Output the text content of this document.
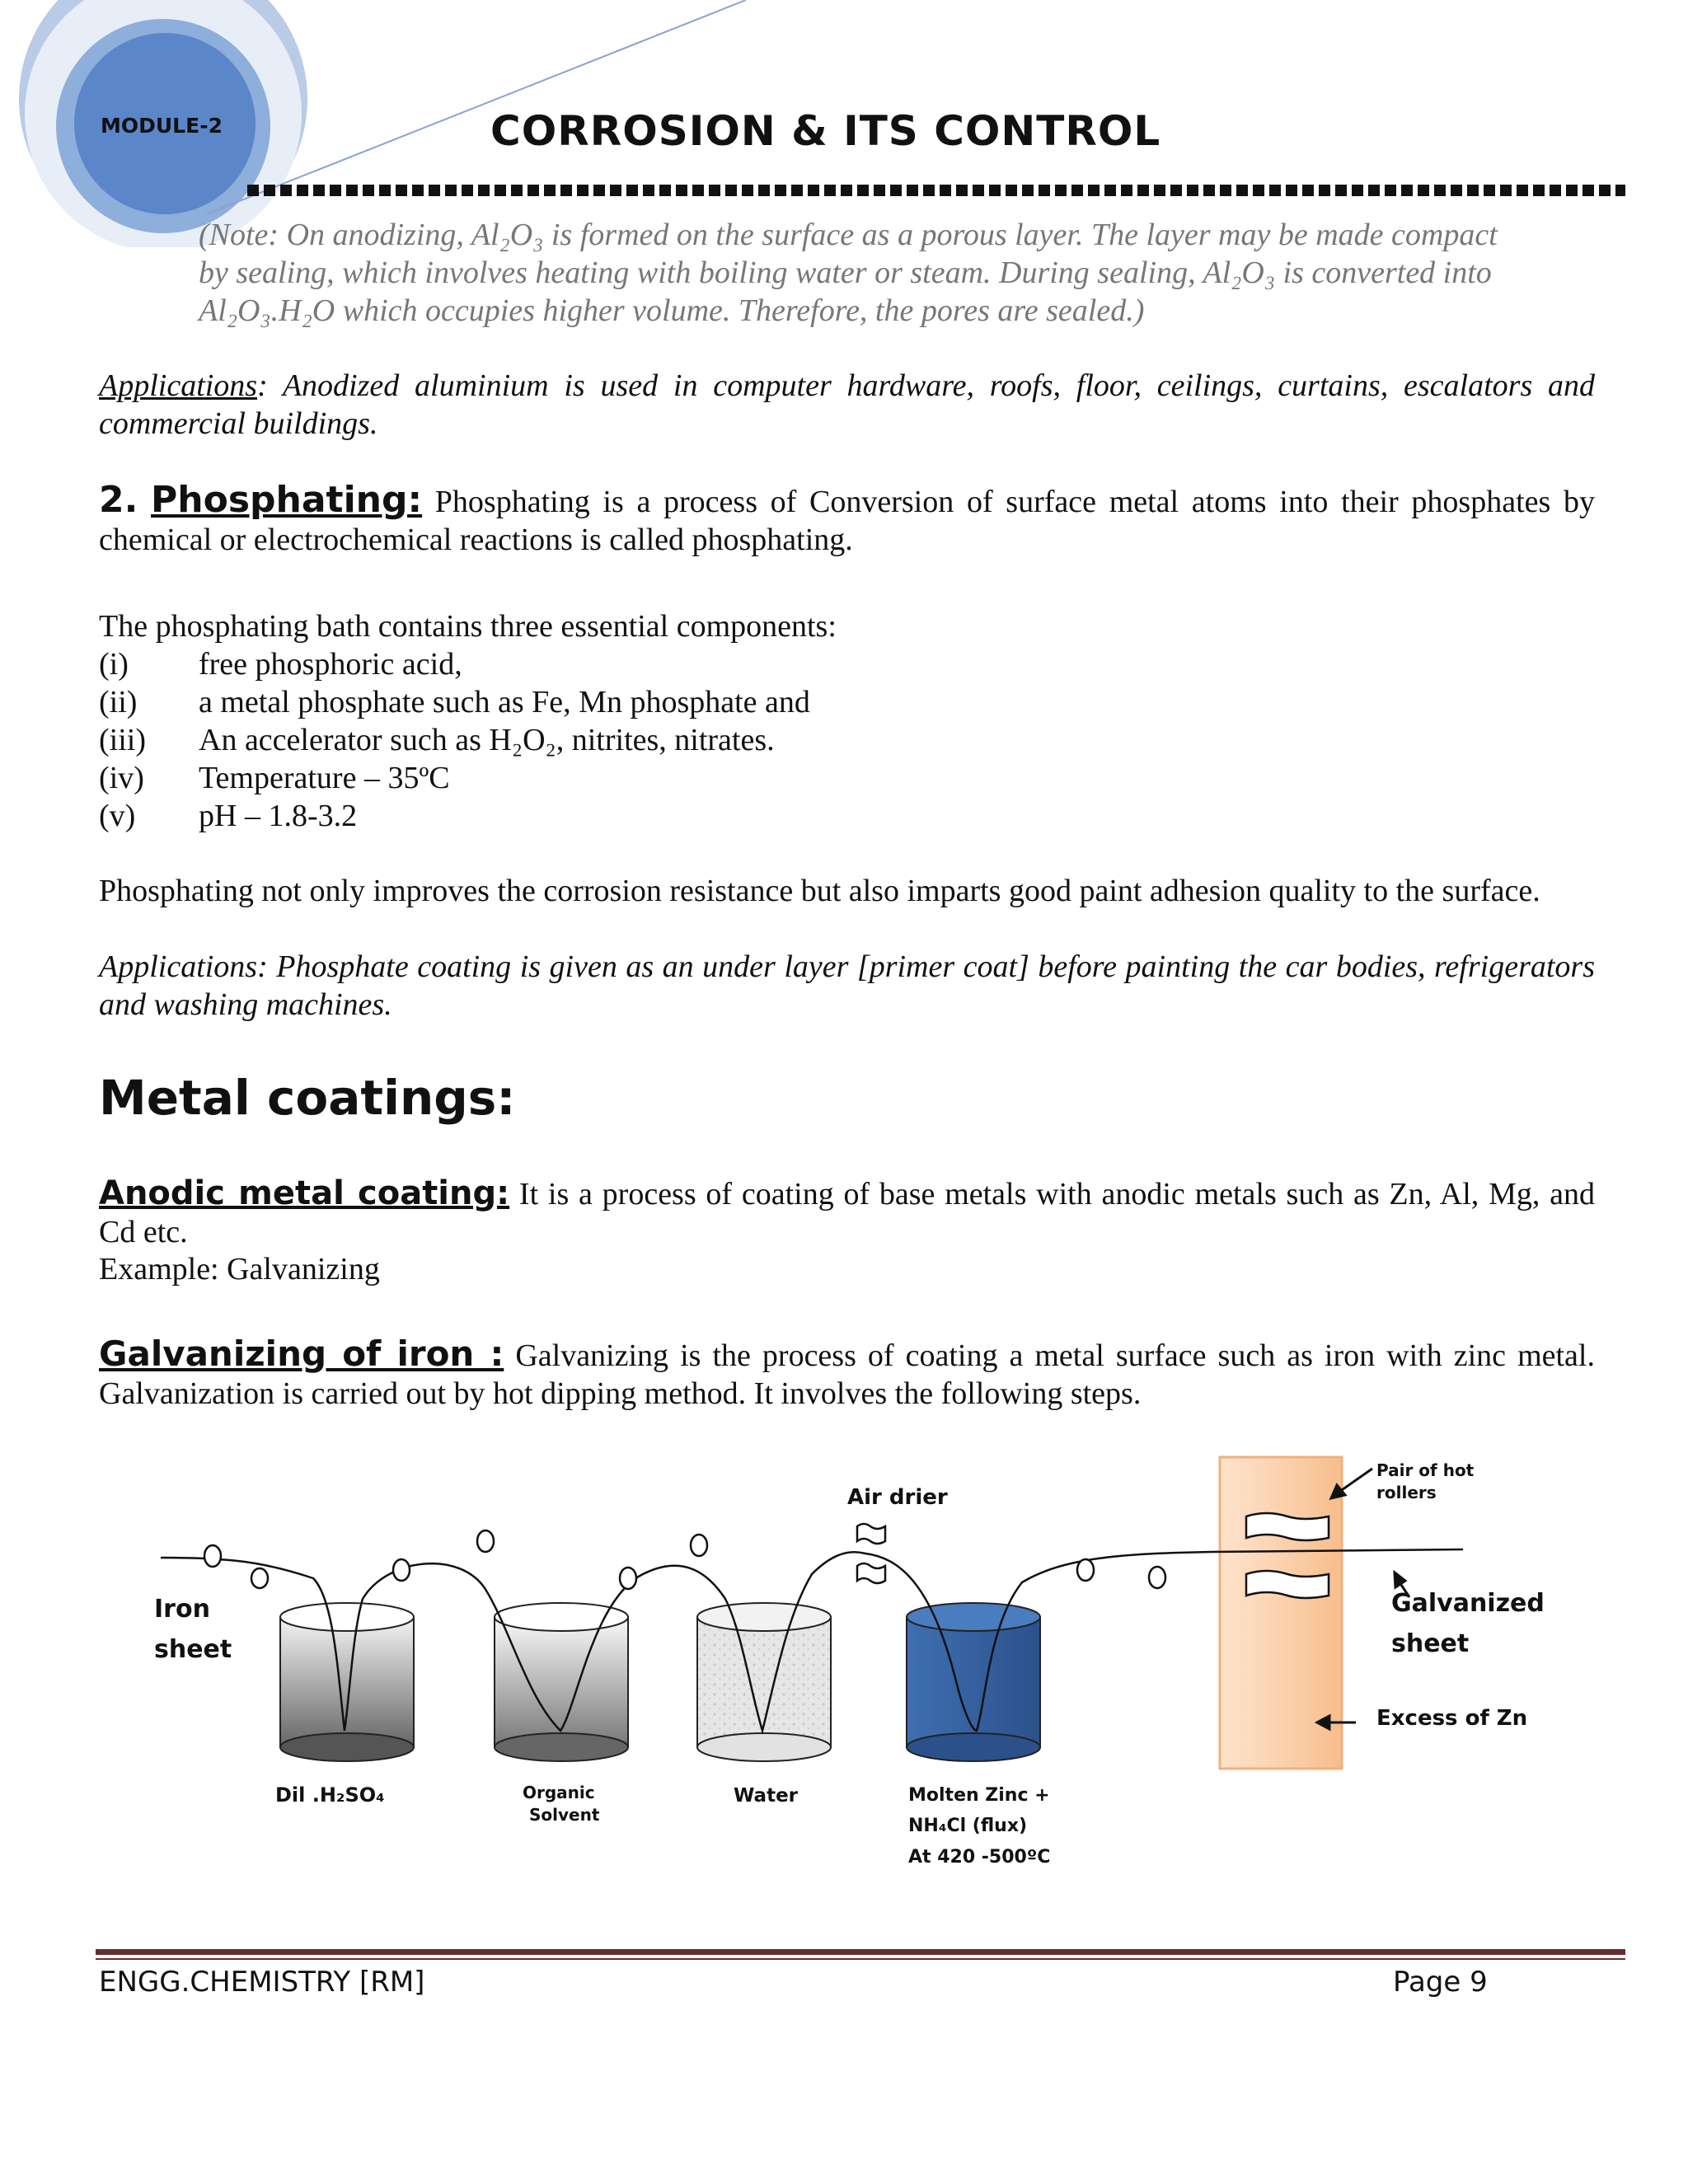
MODULE-2	CORROSION & ITS CONTROL
(Note: On anodizing, Al₂O₃ is formed on the surface as a porous layer. The layer may be made compact
by sealing, which involves heating with boiling water or steam. During sealing, Al₂O₃ is converted into
Al₂O₃.H₂O which occupies higher volume. Therefore, the pores are sealed.)
Applications: Anodized aluminium is used in computer hardware, roofs, floor, ceilings, curtains, escalators and commercial buildings.
2. Phosphating: Phosphating is a process of Conversion of surface metal atoms into their phosphates by chemical or electrochemical reactions is called phosphating.
The phosphating bath contains three essential components:
(i) free phosphoric acid,
(ii) a metal phosphate such as Fe, Mn phosphate and
(iii) An accelerator such as H₂O₂, nitrites, nitrates.
(iv) Temperature – 35ºC
(v) pH – 1.8-3.2
Phosphating not only improves the corrosion resistance but also imparts good paint adhesion quality to the surface.
Applications: Phosphate coating is given as an under layer [primer coat] before painting the car bodies, refrigerators and washing machines.
Metal coatings:
Anodic metal coating: It is a process of coating of base metals with anodic metals such as Zn, Al, Mg, and Cd etc.
Example: Galvanizing
Galvanizing of iron : Galvanizing is the process of coating a metal surface such as iron with zinc metal. Galvanization is carried out by hot dipping method. It involves the following steps.
Iron
sheet
Air drier
Pair of hot
rollers
Galvanized
sheet
Excess of Zn
Dil .H₂SO₄	Organic
Solvent
Water	Molten Zinc +
NH₄Cl (flux)
At 420 -500ºC
ENGG.CHEMISTRY [RM]	Page 9
